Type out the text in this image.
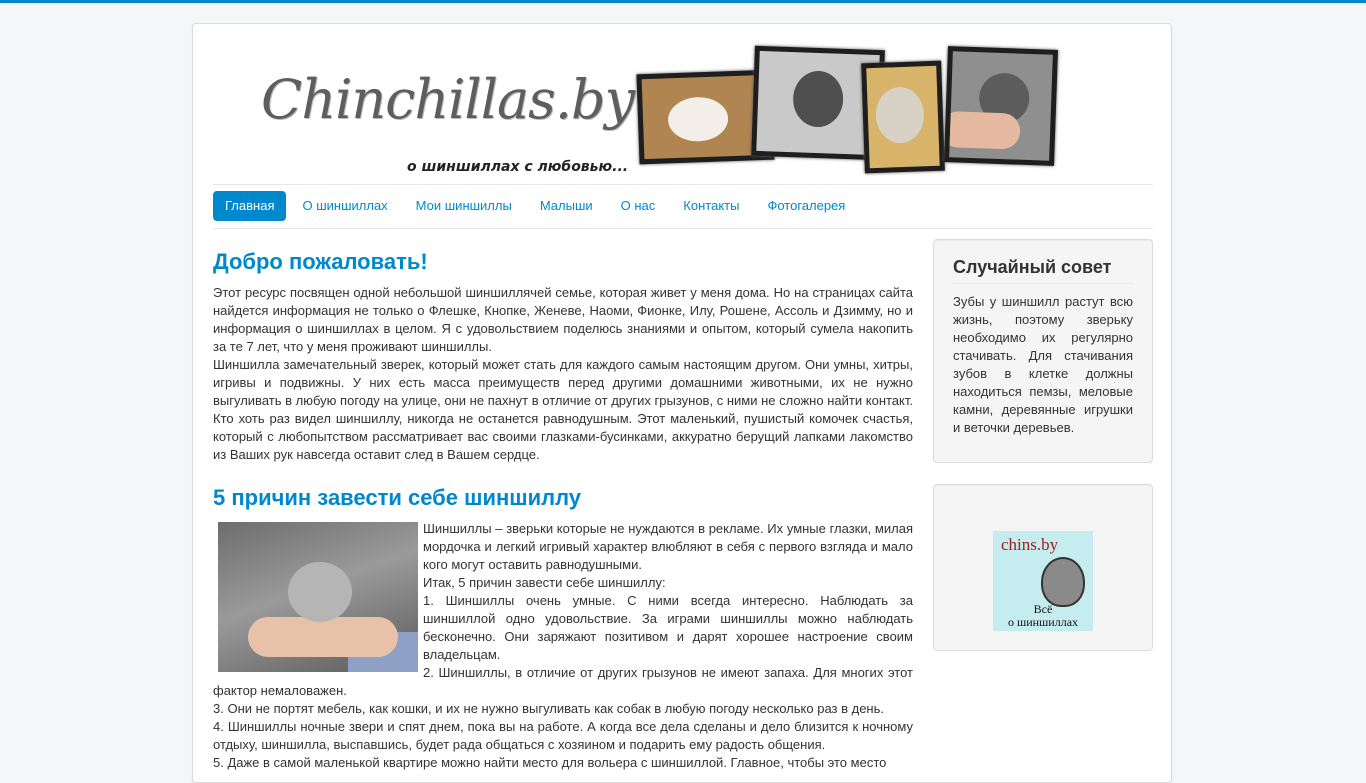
Chinchillas.by
о шиншиллах с любовью...
Главная	О шиншиллах	Мои шиншиллы	Малыши	О нас	Контакты	Фотогалерея
Добро пожаловать!

Этот ресурс посвящен одной небольшой шиншиллячей семье, которая живет у меня дома. Но на страницах сайта найдется информация не только о Флешке, Кнопке, Женеве, Наоми, Фионке, Илу, Рошене, Ассоль и Дзимму, но и информация о шиншиллах в целом. Я с удовольствием поделюсь знаниями и опытом, который сумела накопить за те 7 лет, что у меня проживают шиншиллы.

Шиншилла замечательный зверек, который может стать для каждого самым настоящим другом. Они умны, хитры, игривы и подвижны. У них есть масса преимуществ перед другими домашними животными, их не нужно выгуливать в любую погоду на улице, они не пахнут в отличие от других грызунов, с ними не сложно найти контакт. Кто хоть раз видел шиншиллу, никогда не останется равнодушным. Этот маленький, пушистый комочек счастья, который с любопытством рассматривает вас своими глазками-бусинками, аккуратно берущий лапками лакомство из Ваших рук навсегда оставит след в Вашем сердце.

5 причин завести себе шиншиллу

Шиншиллы – зверьки которые не нуждаются в рекламе. Их умные глазки, милая мордочка и легкий игривый характер влюбляют в себя с первого взгляда и мало кого могут оставить равнодушными.

Итак, 5 причин завести себе шиншиллу:

1. Шиншиллы очень умные. С ними всегда интересно. Наблюдать за шиншиллой одно удовольствие. За играми шиншиллы можно наблюдать бесконечно. Они заряжают позитивом и дарят хорошее настроение своим владельцам.

2. Шиншиллы, в отличие от других грызунов не имеют запаха. Для многих этот фактор немаловажен.

3. Они не портят мебель, как кошки, и их не нужно выгуливать как собак в любую погоду несколько раз в день.

4. Шиншиллы ночные звери и спят днем, пока вы на работе. А когда все дела сделаны и дело близится к ночному отдыху, шиншилла, выспавшись, будет рада общаться с хозяином и подарить ему радость общения.

5. Даже в самой маленькой квартире можно найти место для вольера с шиншиллой. Главное, чтобы это место

Случайный совет

Зубы у шиншилл растут всю жизнь, поэтому зверьку необходимо их регулярно стачивать. Для стачивания зубов в клетке должны находиться пемзы, меловые камни, деревянные игрушки и веточки деревьев.

chins.by
Всё
о шиншиллах
